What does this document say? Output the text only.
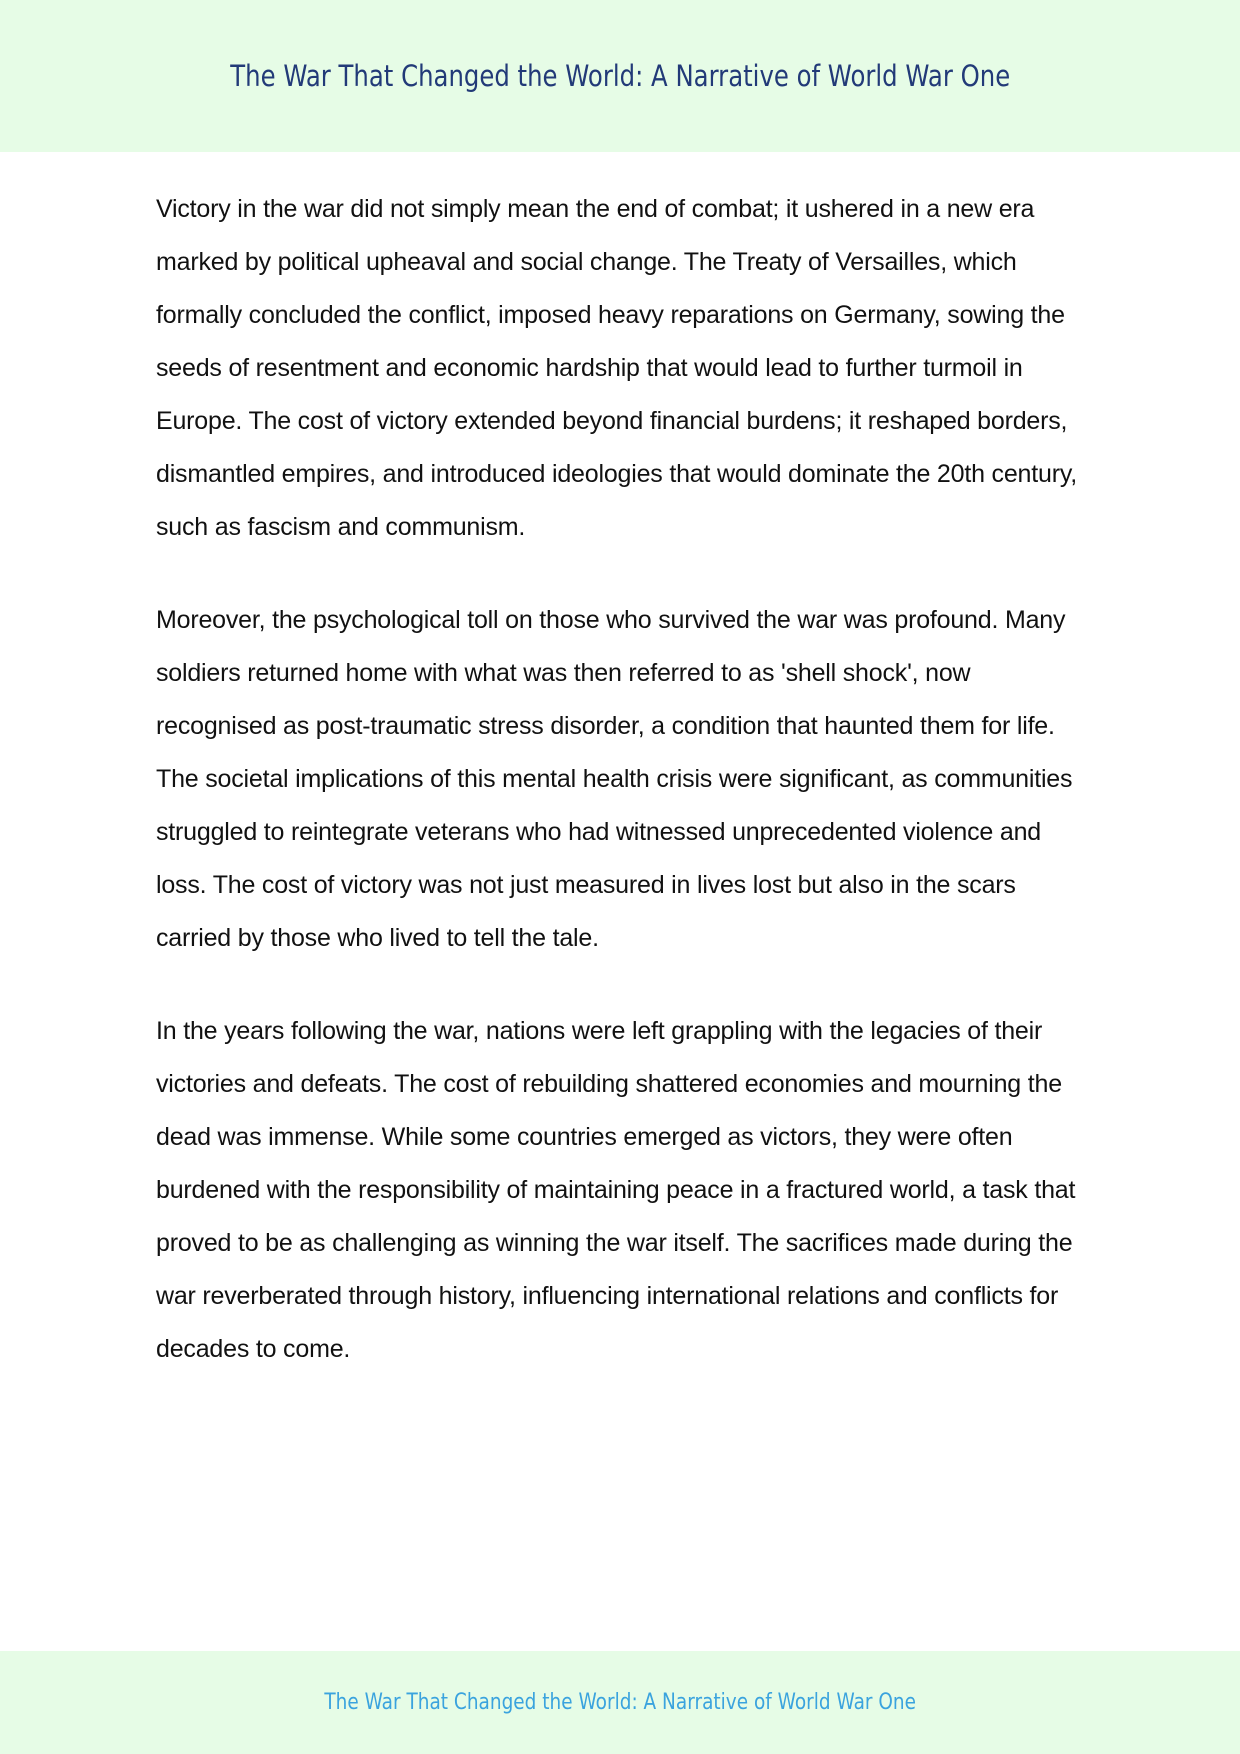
The War That Changed the World: A Narrative of World War One

Victory in the war did not simply mean the end of combat; it ushered in a new era marked by political upheaval and social change. The Treaty of Versailles, which formally concluded the conflict, imposed heavy reparations on Germany, sowing the seeds of resentment and economic hardship that would lead to further turmoil in Europe. The cost of victory extended beyond financial burdens; it reshaped borders, dismantled empires, and introduced ideologies that would dominate the 20th century, such as fascism and communism.

Moreover, the psychological toll on those who survived the war was profound. Many soldiers returned home with what was then referred to as 'shell shock', now recognised as post-traumatic stress disorder, a condition that haunted them for life. The societal implications of this mental health crisis were significant, as communities struggled to reintegrate veterans who had witnessed unprecedented violence and loss. The cost of victory was not just measured in lives lost but also in the scars carried by those who lived to tell the tale.

In the years following the war, nations were left grappling with the legacies of their victories and defeats. The cost of rebuilding shattered economies and mourning the dead was immense. While some countries emerged as victors, they were often burdened with the responsibility of maintaining peace in a fractured world, a task that proved to be as challenging as winning the war itself. The sacrifices made during the war reverberated through history, influencing international relations and conflicts for decades to come.

The War That Changed the World: A Narrative of World War One
